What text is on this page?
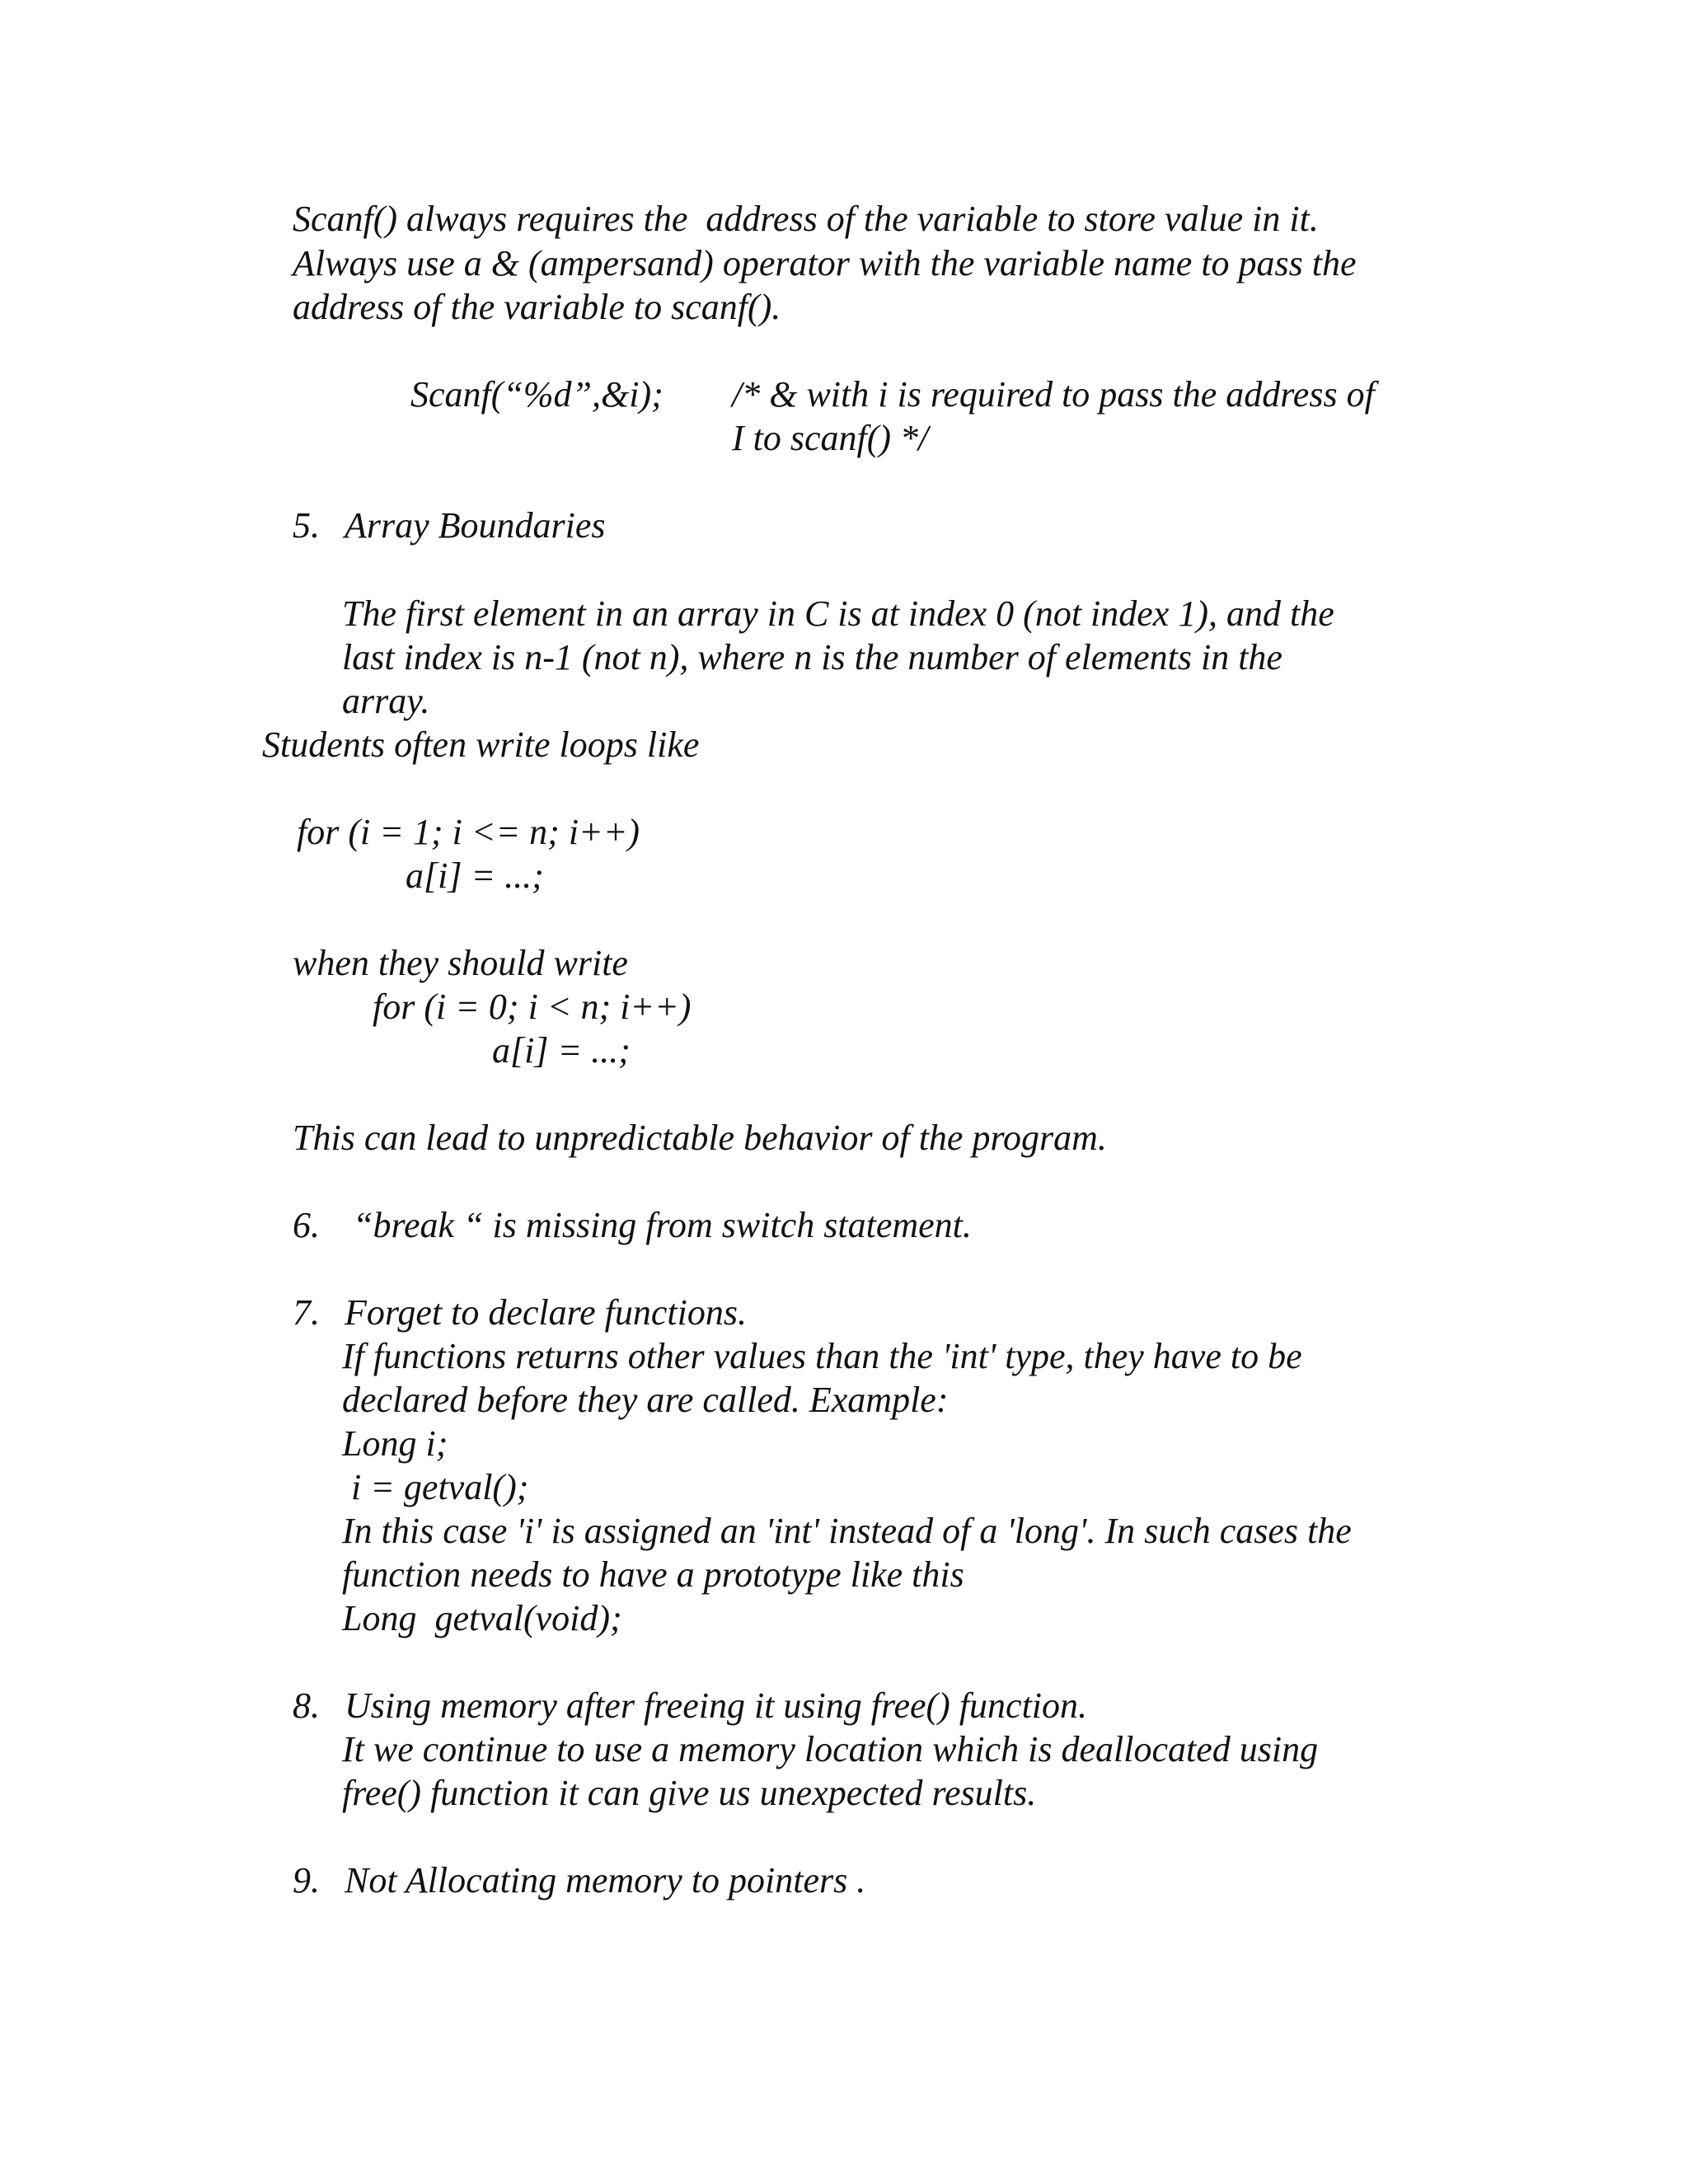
Scanf() always requires the  address of the variable to store value in it.
Always use a & (ampersand) operator with the variable name to pass the
address of the variable to scanf().
Scanf(“%d”,&i); /* & with i is required to pass the address of
I to scanf() */
5. Array Boundaries
The first element in an array in C is at index 0 (not index 1), and the
last index is n-1 (not n), where n is the number of elements in the
array.
Students often write loops like
for (i = 1; i <= n; i++)
a[i] = ...;
when they should write
for (i = 0; i < n; i++)
a[i] = ...;
This can lead to unpredictable behavior of the program.
6. “break “ is missing from switch statement.
7. Forget to declare functions.
If functions returns other values than the 'int' type, they have to be
declared before they are called. Example:
Long i;
i = getval();
In this case 'i' is assigned an 'int' instead of a 'long'. In such cases the
function needs to have a prototype like this
Long  getval(void);
8. Using memory after freeing it using free() function.
It we continue to use a memory location which is deallocated using
free() function it can give us unexpected results.
9. Not Allocating memory to pointers .
